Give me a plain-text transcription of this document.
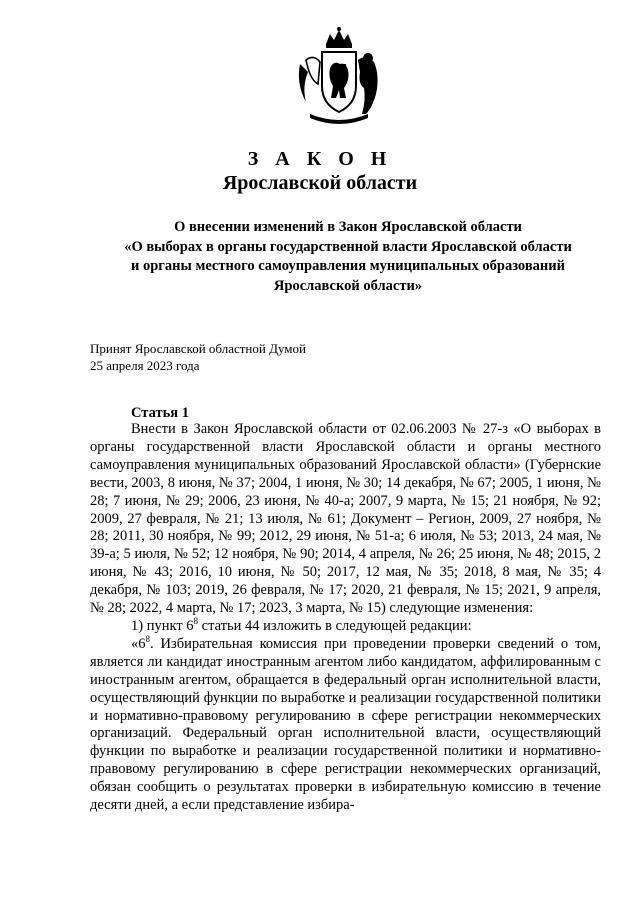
З А К О Н
Ярославской области
О внесении изменений в Закон Ярославской области
«О выборах в органы государственной власти Ярославской области
и органы местного самоуправления муниципальных образований
Ярославской области»
Принят Ярославской областной Думой
25 апреля 2023 года
Статья 1

Внести в Закон Ярославской области от 02.06.2003 № 27-з «О выборах в органы государственной власти Ярославской области и органы местного самоуправления муниципальных образований Ярославской области» (Губернские вести, 2003, 8 июня, № 37; 2004, 1 июня, № 30; 14 декабря, № 67; 2005, 1 июня, № 28; 7 июня, № 29; 2006, 23 июня, № 40-а; 2007, 9 марта, № 15; 21 ноября, № 92; 2009, 27 февраля, № 21; 13 июля, № 61; Документ – Регион, 2009, 27 ноября, № 28; 2011, 30 ноября, № 99; 2012, 29 июня, № 51-а; 6 июля, № 53; 2013, 24 мая, № 39-а; 5 июля, № 52; 12 ноября, № 90; 2014, 4 апреля, № 26; 25 июня, № 48; 2015, 2 июня, № 43; 2016, 10 июня, № 50; 2017, 12 мая, № 35; 2018, 8 мая, № 35; 4 декабря, № 103; 2019, 26 февраля, № 17; 2020, 21 февраля, № 15; 2021, 9 апреля, № 28; 2022, 4 марта, № 17; 2023, 3 марта, № 15) следующие изменения:

1) пункт $6^8$ статьи 44 изложить в следующей редакции:

«$6^8$. Избирательная комиссия при проведении проверки сведений о том, является ли кандидат иностранным агентом либо кандидатом, аффилированным с иностранным агентом, обращается в федеральный орган исполнительной власти, осуществляющий функции по выработке и реализации государственной политики и нормативно-правовому регулированию в сфере регистрации некоммерческих организаций. Федеральный орган исполнительной власти, осуществляющий функции по выработке и реализации государственной политики и нормативно-правовому регулированию в сфере регистрации некоммерческих организаций, обязан сообщить о результатах проверки в избирательную комиссию в течение десяти дней, а если представление избира-
